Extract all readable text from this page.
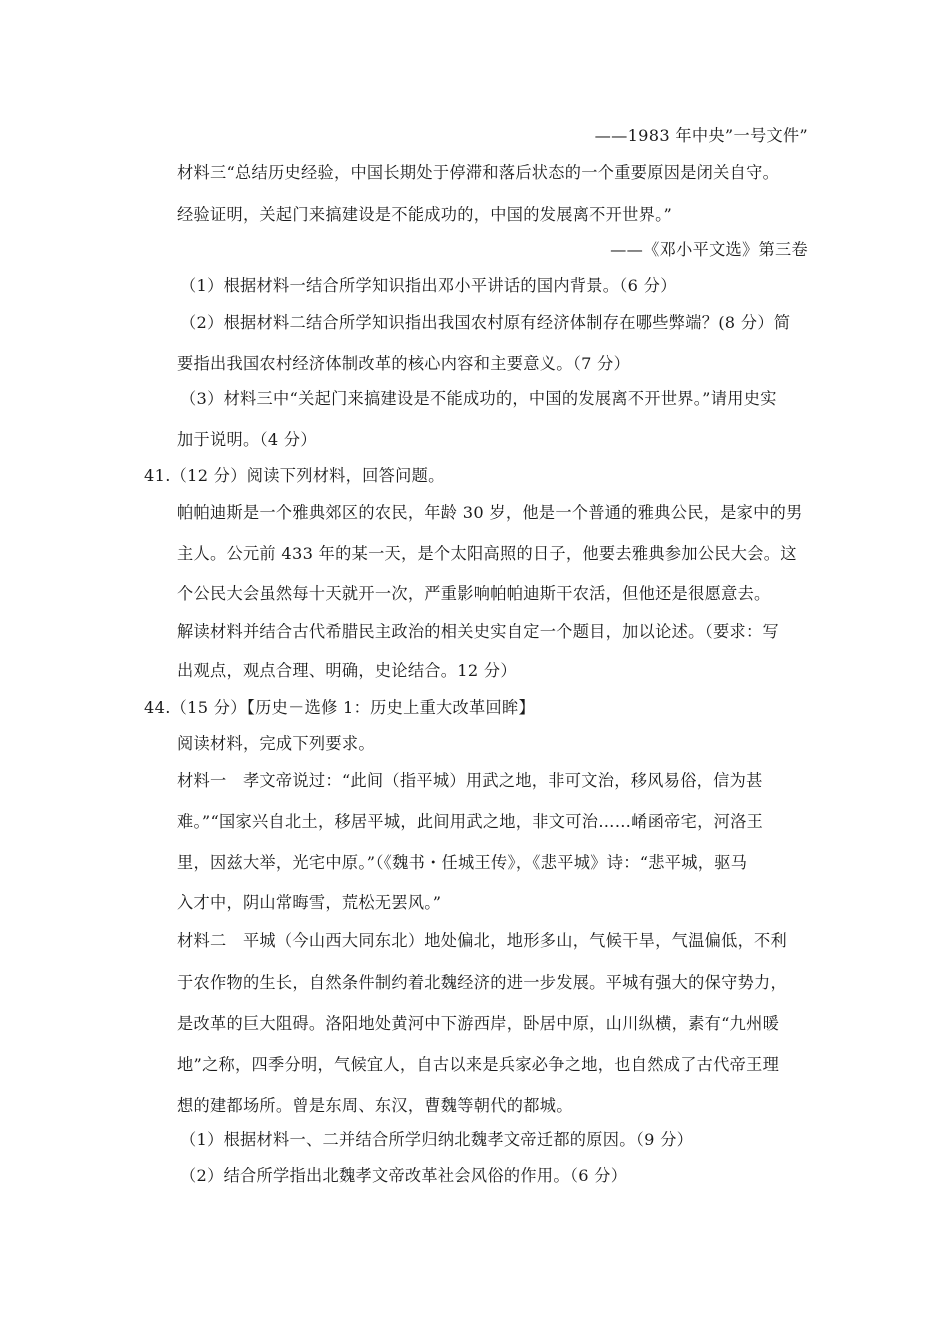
——1983 年中央”一号文件”
材料三“总结历史经验，中国长期处于停滞和落后状态的一个重要原因是闭关自守。
经验证明，关起门来搞建设是不能成功的，中国的发展离不开世界。”
——《邓小平文选》第三卷
（1）根据材料一结合所学知识指出邓小平讲话的国内背景。（6 分）
（2）根据材料二结合所学知识指出我国农村原有经济体制存在哪些弊端？(8 分）简
要指出我国农村经济体制改革的核心内容和主要意义。（7 分）
（3）材料三中“关起门来搞建设是不能成功的，中国的发展离不开世界。”请用史实
加于说明。（4 分）
41.（12 分）阅读下列材料，回答问题。
帕帕迪斯是一个雅典郊区的农民，年龄 30 岁，他是一个普通的雅典公民，是家中的男
主人。公元前 433 年的某一天，是个太阳高照的日子，他要去雅典参加公民大会。这
个公民大会虽然每十天就开一次，严重影响帕帕迪斯干农活，但他还是很愿意去。
解读材料并结合古代希腊民主政治的相关史实自定一个题目，加以论述。（要求：写
出观点，观点合理、明确，史论结合。12 分）
44.（15 分）【历史－选修 1：历史上重大改革回眸】
阅读材料，完成下列要求。
材料一　孝文帝说过：“此间（指平城）用武之地，非可文治，移风易俗，信为甚
难。”“国家兴自北土，移居平城，此间用武之地，非文可治……崤函帝宅，河洛王
里，因兹大举，光宅中原。”（《魏书・任城王传》，《悲平城》诗：“悲平城，驱马
入才中，阴山常晦雪，荒松无罢风。”
材料二　平城（今山西大同东北）地处偏北，地形多山，气候干旱，气温偏低，不利
于农作物的生长，自然条件制约着北魏经济的进一步发展。平城有强大的保守势力，
是改革的巨大阻碍。洛阳地处黄河中下游西岸，卧居中原，山川纵横，素有“九州暖
地”之称，四季分明，气候宜人，自古以来是兵家必争之地，也自然成了古代帝王理
想的建都场所。曾是东周、东汉，曹魏等朝代的都城。
（1）根据材料一、二并结合所学归纳北魏孝文帝迁都的原因。（9 分）
（2）结合所学指出北魏孝文帝改革社会风俗的作用。（6 分）
